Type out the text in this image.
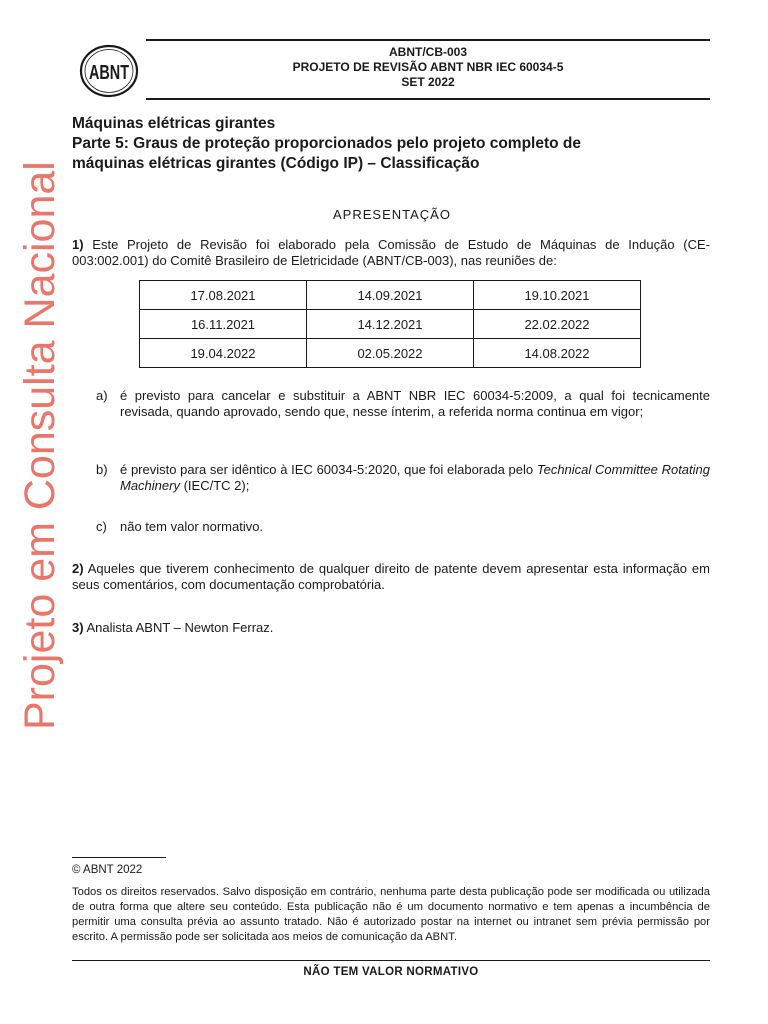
ABNT
ABNT/CB-003
PROJETO DE REVISÃO ABNT NBR IEC 60034-5
SET 2022
Máquinas elétricas girantes
Parte 5: Graus de proteção proporcionados pelo projeto completo de
máquinas elétricas girantes (Código IP) – Classificação
Projeto em Consulta Nacional	APRESENTAÇÃO
1) Este Projeto de Revisão foi elaborado pela Comissão de Estudo de Máquinas de Indução (CE-003:002.001) do Comitê Brasileiro de Eletricidade (ABNT/CB-003), nas reuniões de:
17.08.2021	14.09.2021	19.10.2021
16.11.2021	14.12.2021	22.02.2022
19.04.2022	02.05.2022	14.08.2022
a) é previsto para cancelar e substituir a ABNT NBR IEC 60034-5:2009, a qual foi tecnicamente revisada, quando aprovado, sendo que, nesse ínterim, a referida norma continua em vigor;
b) é previsto para ser idêntico à IEC 60034-5:2020, que foi elaborada pelo Technical Committee Rotating Machinery (IEC/TC 2);
c) não tem valor normativo.
2) Aqueles que tiverem conhecimento de qualquer direito de patente devem apresentar esta informação em seus comentários, com documentação comprobatória.
3) Analista ABNT – Newton Ferraz.
© ABNT 2022
Todos os direitos reservados. Salvo disposição em contrário, nenhuma parte desta publicação pode ser modificada ou utilizada de outra forma que altere seu conteúdo. Esta publicação não é um documento normativo e tem apenas a incumbência de permitir uma consulta prévia ao assunto tratado. Não é autorizado postar na internet ou intranet sem prévia permissão por escrito. A permissão pode ser solicitada aos meios de comunicação da ABNT.
NÃO TEM VALOR NORMATIVO
